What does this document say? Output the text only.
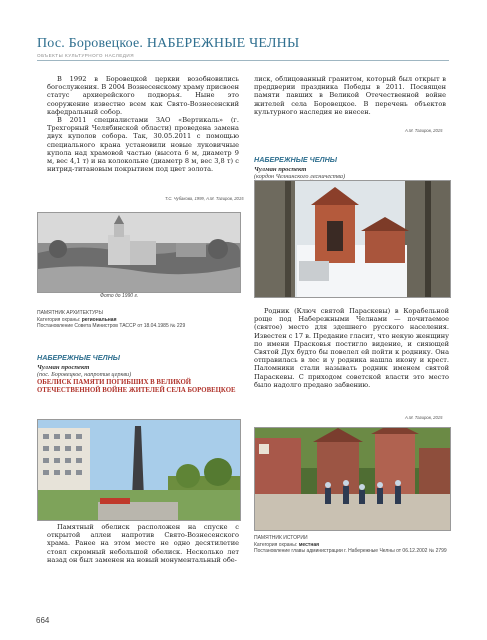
Пос. Боровецкое. НАБЕРЕЖНЫЕ ЧЕЛНЫ
ОБЪЕКТЫ КУЛЬТУРНОГО НАСЛЕДИЯ

В 1992 в Боровецкой церкви возобновились богослужения. В 2004 Вознесенскому храму присвоен статус архиерейского подворья. Ныне это сооружение известно всем как Свято-Вознесенский кафедральный собор.

В 2011 специалистами ЗАО «Вертикаль» (г. Трехгорный Челябинской области) проведена замена двух куполов собора. Так, 30.05.2011 с помощью специального крана установили новые луковичные купола над храмовой частью (высота 6 м, диаметр 9 м, вес 4,1 т) и на колокольне (диаметр 8 м, вес 3,8 т) с нитрид-титановым покрытием под цвет золота.

Т.С. Чубакова, 1999, А.М. Тагиров, 2015

лиск, облицованный гранитом, который был открыт в преддверии праздника Победы в 2011. Посвящен памяти павших в Великой Отечественной войне жителей села Боровецкое. В перечень объектов культурного наследия не внесен.

А.М. Тагиров, 2015
НАБЕРЕЖНЫЕ ЧЕЛНЫ
Чулман проспект
(кордон Челнинского лесничества)
Фото до 1990 г.
ПАМЯТНИК АРХИТЕКТУРЫ
Категория охраны: региональная
Постановление Совета Министров ТАССР от 18.04.1985 № 229
НАБЕРЕЖНЫЕ ЧЕЛНЫ
Чулман проспект
(пос. Боровецкое, напротив церкви)
ОБЕЛИСК ПАМЯТИ ПОГИБШИХ В ВЕЛИКОЙ ОТЕЧЕСТВЕННОЙ ВОЙНЕ ЖИТЕЛЕЙ СЕЛА БОРОВЕЦКОЕ

Родник (Ключ святой Параскевы) в Корабельной роще под Набережными Челнами — почитаемое (святое) место для здешнего русского населения. Известен с 17 в. Предание гласит, что некую женщину по имени Прасковья постигло видение, и сияющей Святой Дух будто бы повелел ей пойти к роднику. Она отправилась в лес и у родника нашла икону и крест. Паломники стали называть родник именем святой Параскевы. С приходом советской власти это место было надолго предано забвению.

А.М. Тагиров, 2015

Памятный обелиск расположен на спуске с открытой аллеи напротив Свято-Вознесенского храма. Ранее на этом месте не одно десятилетие стоял скромный небольшой обелиск. Несколько лет назад он был заменен на новый монументальный обе-

ПАМЯТНИК ИСТОРИИ
Категория охраны: местная
Постановление главы администрации г. Набережные Челны от 06.12.2002 № 2799
664
